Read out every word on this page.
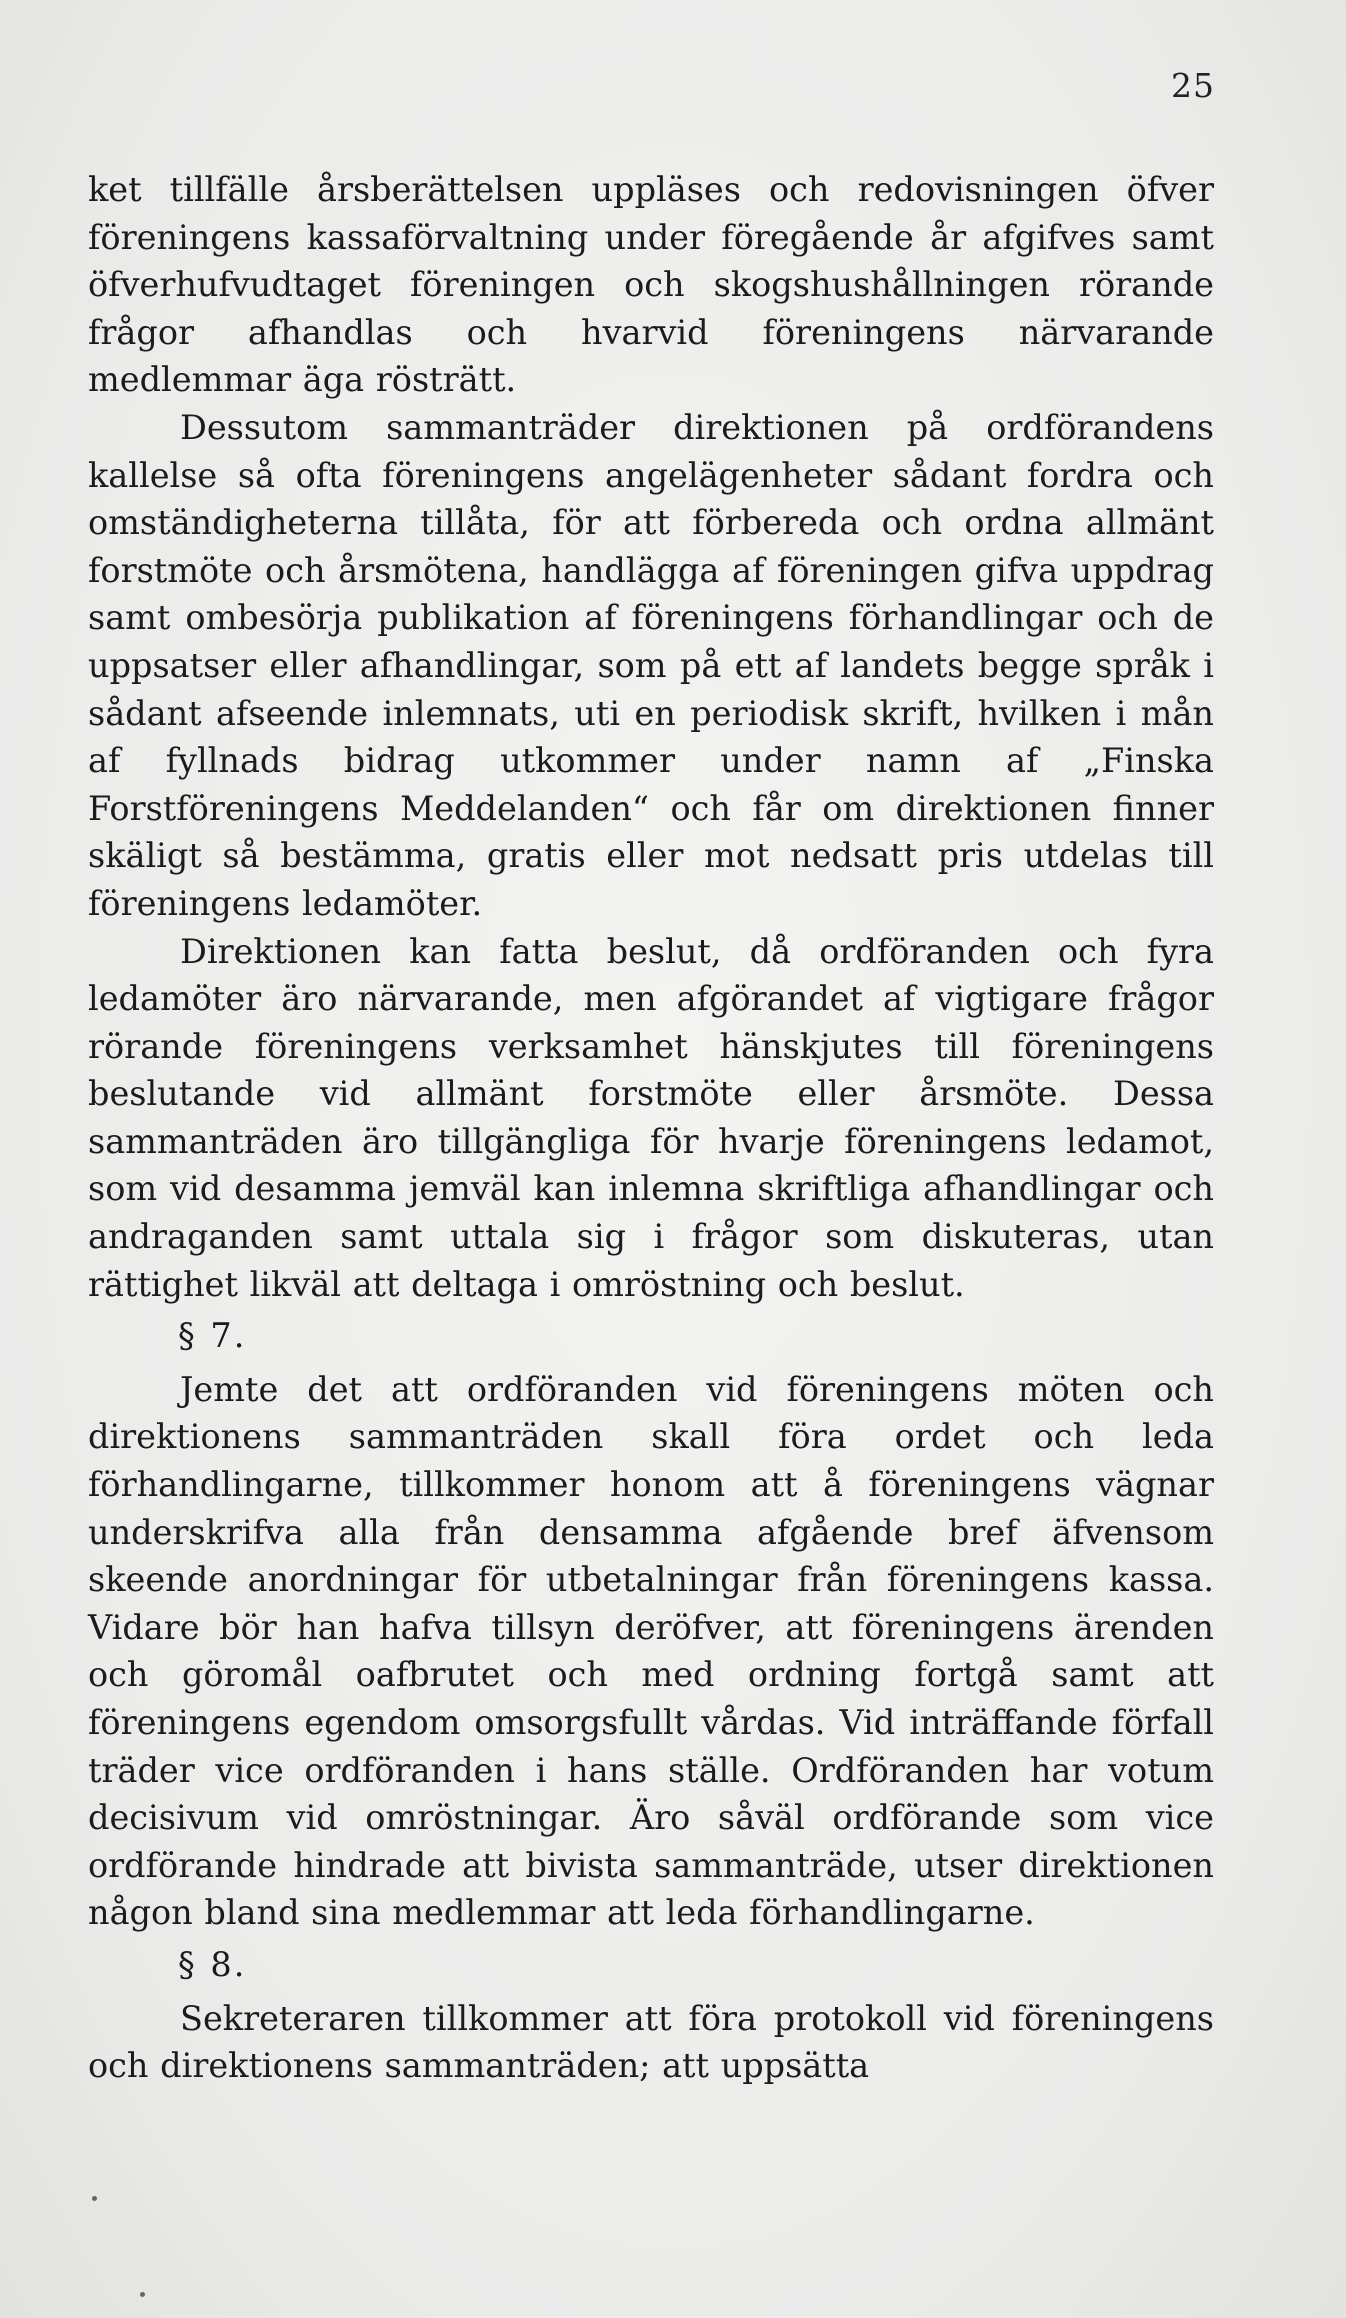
25

ket tillfälle årsberättelsen uppläses och redovisningen öfver föreningens kassaförvaltning under föregående år afgifves samt öfverhufvudtaget föreningen och skogshushållningen rörande frågor afhandlas och hvarvid föreningens närvarande medlemmar äga rösträtt.

Dessutom sammanträder direktionen på ordförandens kallelse så ofta föreningens angelägenheter sådant fordra och omständigheterna tillåta, för att förbereda och ordna allmänt forstmöte och årsmötena, handlägga af föreningen gifva uppdrag samt ombesörja publikation af föreningens förhandlingar och de uppsatser eller afhandlingar, som på ett af landets begge språk i sådant afseende inlemnats, uti en periodisk skrift, hvilken i mån af fyllnads bidrag utkommer under namn af „Finska Forstföreningens Meddelanden“ och får om direktionen finner skäligt så bestämma, gratis eller mot nedsatt pris utdelas till föreningens ledamöter.

Direktionen kan fatta beslut, då ordföranden och fyra ledamöter äro närvarande, men afgörandet af vigtigare frågor rörande föreningens verksamhet hänskjutes till föreningens beslutande vid allmänt forstmöte eller årsmöte. Dessa sammanträden äro tillgängliga för hvarje föreningens ledamot, som vid desamma jemväl kan inlemna skriftliga afhandlingar och andraganden samt uttala sig i frågor som diskuteras, utan rättighet likväl att deltaga i omröstning och beslut.

§ 7.

Jemte det att ordföranden vid föreningens möten och direktionens sammanträden skall föra ordet och leda förhandlingarne, tillkommer honom att å föreningens vägnar underskrifva alla från densamma afgående bref äfvensom skeende anordningar för utbetalningar från föreningens kassa. Vidare bör han hafva tillsyn deröfver, att föreningens ärenden och göromål oafbrutet och med ordning fortgå samt att föreningens egendom omsorgsfullt vårdas. Vid inträffande förfall träder vice ordföranden i hans ställe. Ordföranden har votum decisivum vid omröstningar. Äro såväl ordförande som vice ordförande hindrade att bivista sammanträde, utser direktionen någon bland sina medlemmar att leda förhandlingarne.

§ 8.

Sekreteraren tillkommer att föra protokoll vid föreningens och direktionens sammanträden; att uppsätta
